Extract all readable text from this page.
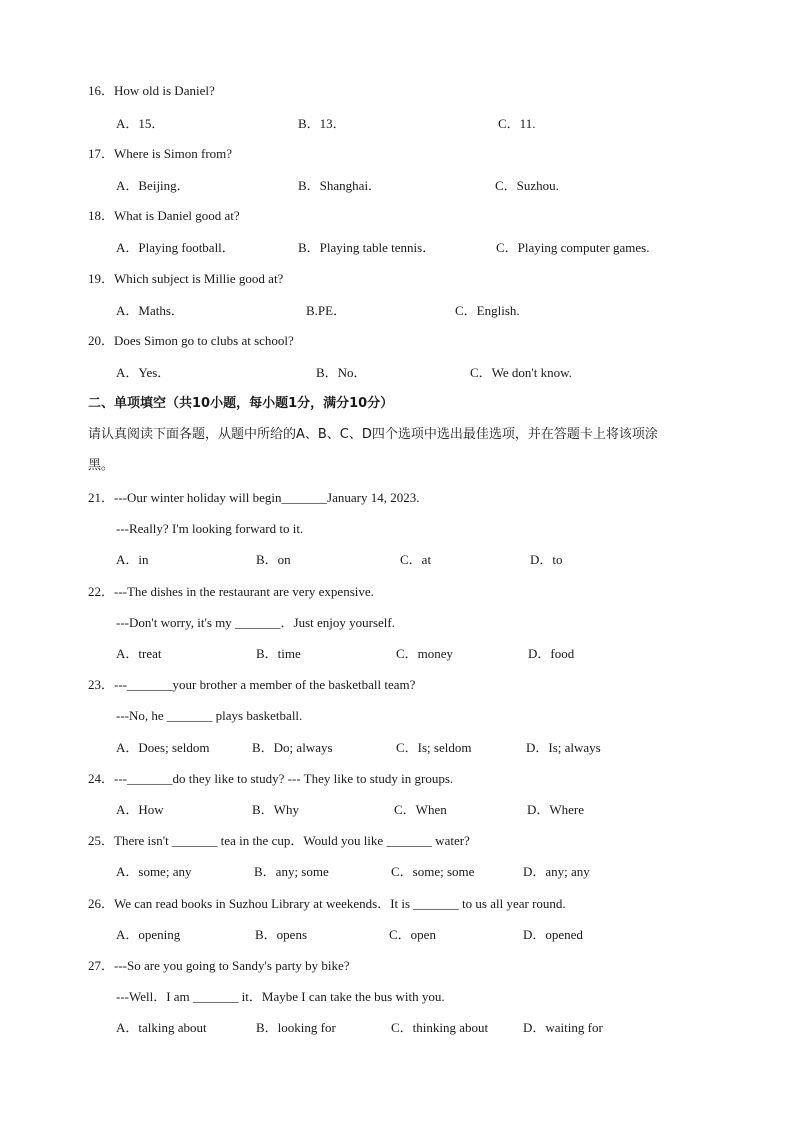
16．How old is Daniel?
A．15．	B．13．	C．11.
17．Where is Simon from?
A．Beijing．	B．Shanghai．	C．Suzhou.
18．What is Daniel good at?
A．Playing football．	B．Playing table tennis．	C．Playing computer games.
19．Which subject is Millie good at?
A．Maths．	B.PE．	C．English.
20．Does Simon go to clubs at school?
A．Yes．	B．No．	C．We don't know.
二、单项填空（共10小题，每小题1分，满分10分）
请认真阅读下面各题，从题中所给的A、B、C、D四个选项中选出最佳选项，并在答题卡上将该项涂
黑。
21．---Our winter holiday will begin_______January 14, 2023.
---Really? I'm looking forward to it.
A．in	B．on	C．at	D．to
22．---The dishes in the restaurant are very expensive.
---Don't worry, it's my _______．Just enjoy yourself.
A．treat	B．time	C．money	D．food
23．---_______your brother a member of the basketball team?
---No, he _______ plays basketball.
A．Does; seldom	B．Do; always	C．Is; seldom	D．Is; always
24．---_______do they like to study? --- They like to study in groups.
A．How	B．Why	C．When	D．Where
25．There isn't _______ tea in the cup．Would you like _______ water?
A．some; any	B．any; some	C．some; some	D．any; any
26．We can read books in Suzhou Library at weekends．It is _______ to us all year round.
A．opening	B．opens	C．open	D．opened
27．---So are you going to Sandy's party by bike?
---Well．I am _______ it．Maybe I can take the bus with you.
A．talking about	B．looking for	C．thinking about	D．waiting for
